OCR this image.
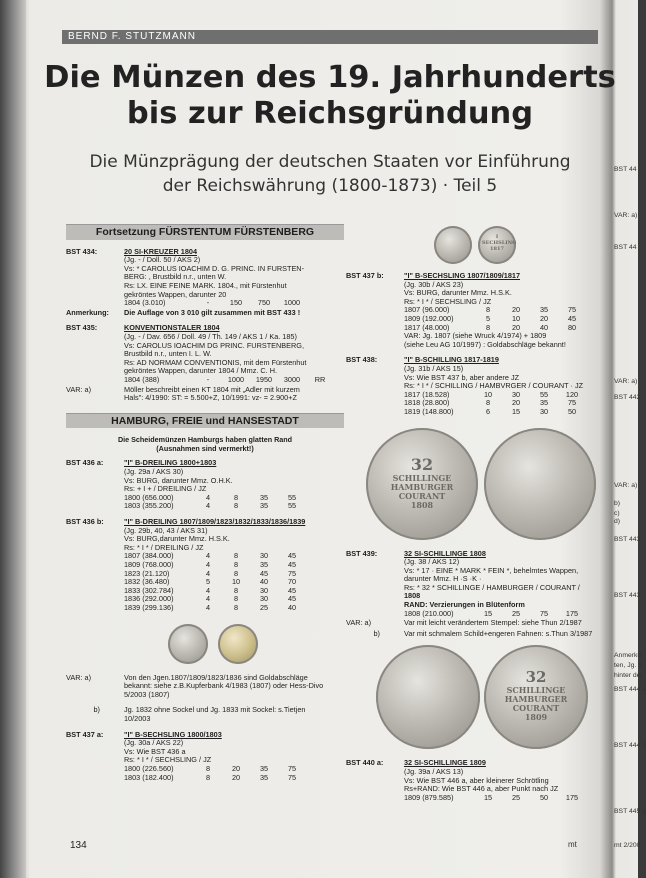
BERND F. STUTZMANN
Die Münzen des 19. Jahrhunderts
bis zur Reichsgründung
Die Münzprägung der deutschen Staaten vor Einführung
der Reichswährung (1800-1873) · Teil 5
Fortsetzung FÜRSTENTUM FÜRSTENBERG
BST 434:	20 SI-KREUZER 1804
(Jg. - / Doll. 50 / AKS 2)
Vs: * CAROLUS IOACHIM D. G. PRINC. IN FURSTEN-
BERG: , Brustbild n.r., unten W.
Rs: LX. EINE FEINE MARK. 1804., mit Fürstenhut
gekröntes Wappen, darunter 20
1804 (3.010)	-	150	750	1000
Anmerkung:	Die Auflage von 3 010 gilt zusammen mit BST 433 !
BST 435:	KONVENTIONSTALER 1804
(Jg. - / Dav. 656 / Doll. 49 / Th. 149 / AKS 1 / Ka. 185)
Vs: CAROLUS IOACHIM DG PRINC. FURSTENBERG,
Brustbild n.r., unten I. L. W.
Rs: AD NORMAM CONVENTIONIS, mit dem Fürstenhut
gekröntes Wappen, darunter 1804 / Mmz. C. H.
1804 (388)	-	1000	1950	3000	RR
VAR: a)	Möller beschreibt einen KT 1804 mit „Adler mit kurzem
Hals": 4/1990: ST: = 5.500+Z, 10/1991: vz- = 2.900+Z
HAMBURG, FREIE und HANSESTADT
Die Scheidemünzen Hamburgs haben glatten Rand
(Ausnahmen sind vermerkt!)
BST 436 a:	"I" B-DREILING 1800+1803
(Jg. 29a / AKS 30)
Vs: BURG, darunter Mmz. O.H.K.
Rs: + I + / DREILING / JZ
1800 (656.000)	4	8	35	55
1803 (355.200)	4	8	35	55
BST 436 b:	"I" B-DREILING 1807/1809/1823/1832/1833/1836/1839
(Jg. 29b, 40, 43 / AKS 31)
Vs: BURG,darunter Mmz. H.S.K.
Rs: * I * / DREILING / JZ
1807 (384.000)	4	8	30	45
1809 (768.000)	4	8	35	45
1823 (21.120)	4	8	45	75
1832 (36.480)	5	10	40	70
1833 (302.784)	4	8	30	45
1836 (292.000)	4	8	30	45
1839 (299.136)	4	8	25	40
VAR: a)	Von den Jgen.1807/1809/1823/1836 sind Goldabschläge
bekannt: siehe z.B.Kupferbank 4/1983 (1807) oder Hess-Divo
5/2003 (1807)
b)	Jg. 1832 ohne Sockel und Jg. 1833 mit Sockel: s.Tietjen
10/2003
BST 437 a:	"I" B-SECHSLING 1800/1803
(Jg. 30a / AKS 22)
Vs: Wie BST 436 a
Rs: * I * / SECHSLING / JZ
1800 (226.560)	8	20	35	75
1803 (182.400)	8	20	35	75
I
SECHSLING
1817
BST 437 b:	"I" B-SECHSLING 1807/1809/1817
(Jg. 30b / AKS 23)
Vs: BURG, darunter Mmz. H.S.K.
Rs: * I * / SECHSLING / JZ
1807 (96.000)	8	20	35	75
1809 (192.000)	5	10	20	45
1817 (48.000)	8	20	40	80
VAR: Jg. 1807 (siehe Wruck 4/1974) + 1809
(siehe Leu AG 10/1997) : Goldabschläge bekannt!
BST 438:	"I" B-SCHILLING 1817-1819
(Jg. 31b / AKS 15)
Vs: Wie BST 437 b, aber andere JZ
Rs: * I * / SCHILLING / HAMBVRGER / COURANT · JZ
1817 (18.528)	10	30	55	120
1818 (28.800)	8	20	35	75
1819 (148.800)	6	15	30	50
32
SCHILLINGE
HAMBURGER
COURANT
1808
BST 439:	32 SI-SCHILLINGE 1808
(Jg. 38 / AKS 12)
Vs: * 17 · EINE * MARK * FEIN *, behelmtes Wappen,
darunter Mmz. H ·S ·K ·
Rs: * 32 * SCHILLINGE / HAMBURGER / COURANT /
1808
RAND: Verzierungen in Blütenform
1808 (210.000)	15	25	75	175
VAR: a)	Var mit leicht verändertem Stempel: siehe Thun 2/1987
b)	Var mit schmalem Schild+engeren Fahnen: s.Thun 3/1987
32
SCHILLINGE
HAMBURGER
COURANT
1809
BST 440 a:	32 SI-SCHILLINGE 1809
(Jg. 39a / AKS 13)
Vs: Wie BST 446 a, aber kleinerer Schrötling
Rs+RAND: Wie BST 446 a, aber Punkt nach JZ
1809 (879.585)	15	25	50	175
BST 44
VAR: a)
BST 44
VAR: a)
BST 442
VAR: a)
b)
c)
d)
BST 443
BST 443
Anmerku
ten, Jg. 1
hinter der
BST 444 a
BST 444 b
BST 445 a
mt 2/200
134	mt
